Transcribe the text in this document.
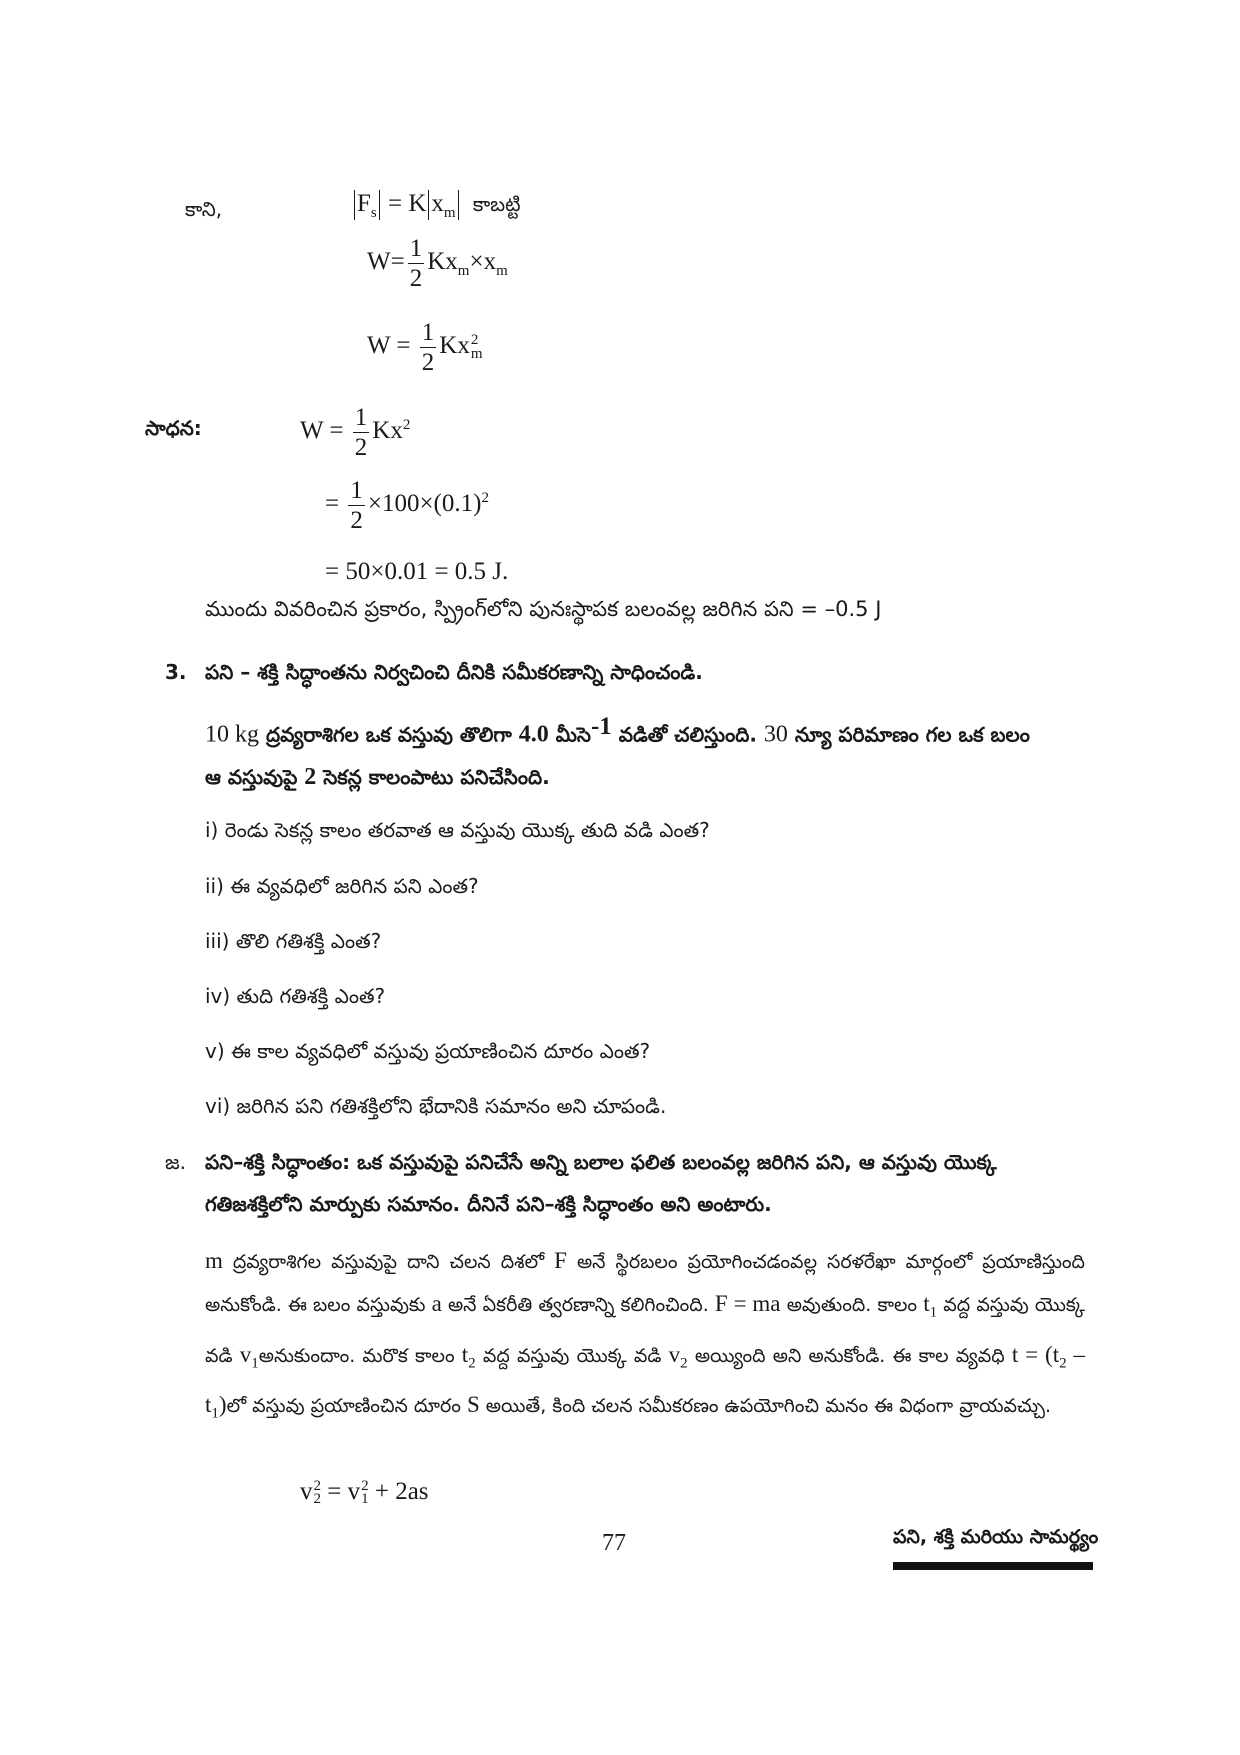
కాని,	$F_s = K$ $x_m$ కాబట్టి
$W= \frac{1}{2} Kx_m\times x_m$
$W = \frac{1}{2}$ Kx 2
m
సాధన:	$W = \frac{1}{2} Kx^2$
= $\frac{1}{2} \times 100\times(0.1)^2$
= 50×0.01 = 0.5 J.
ముందు వివరించిన ప్రకారం, స్ప్రింగ్‌లోని పునఃస్థాపక బలంవల్ల జరిగిన పని = –0.5 J
3. పని – శక్తి సిద్ధాంతను నిర్వచించి దీనికి సమీకరణాన్ని సాధించండి.
10 kg ద్రవ్యరాశిగల ఒక వస్తువు తొలిగా 4.0 మీసె$^{-1}$ వడితో చలిస్తుంది. 30 న్యూ పరిమాణం గల ఒక బలం
ఆ వస్తువుపై 2 సెకన్ల కాలంపాటు పనిచేసింది.
i) రెండు సెకన్ల కాలం తరవాత ఆ వస్తువు యొక్క తుది వడి ఎంత?
ii) ఈ వ్యవధిలో జరిగిన పని ఎంత?
iii) తొలి గతిశక్తి ఎంత?
iv) తుది గతిశక్తి ఎంత?
v) ఈ కాల వ్యవధిలో వస్తువు ప్రయాణించిన దూరం ఎంత?
vi) జరిగిన పని గతిశక్తిలోని భేదానికి సమానం అని చూపండి.
జ. పని–శక్తి సిద్ధాంతం: ఒక వస్తువుపై పనిచేసే అన్ని బలాల ఫలిత బలంవల్ల జరిగిన పని, ఆ వస్తువు యొక్క
గతిజశక్తిలోని మార్పుకు సమానం. దీనినే పని–శక్తి సిద్ధాంతం అని అంటారు.

m ద్రవ్యరాశిగల వస్తువుపై దాని చలన దిశలో F అనే స్థిరబలం ప్రయోగించడంవల్ల సరళరేఖా మార్గంలో ప్రయాణిస్తుంది అనుకోండి. ఈ బలం వస్తువుకు a అనే ఏకరీతి త్వరణాన్ని కలిగించింది. F = ma అవుతుంది. కాలం $t_1$ వద్ద వస్తువు యొక్క వడి $v_1అనుకుందాం$. మరొక కాలం $t_2$ వద్ద వస్తువు యొక్క వడి $v_2$ అయ్యింది అని అనుకోండి. ఈ కాల వ్యవధి $t = (t_2$ – $t_1)లో$ వస్తువు ప్రయాణించిన దూరం S అయితే, కింది చలన సమీకరణం ఉపయోగించి మనం ఈ విధంగా వ్రాయవచ్చు.

v 2
2 = v 2
1 + 2as
77	పని, శక్తి మరియు సామర్థ్యం
